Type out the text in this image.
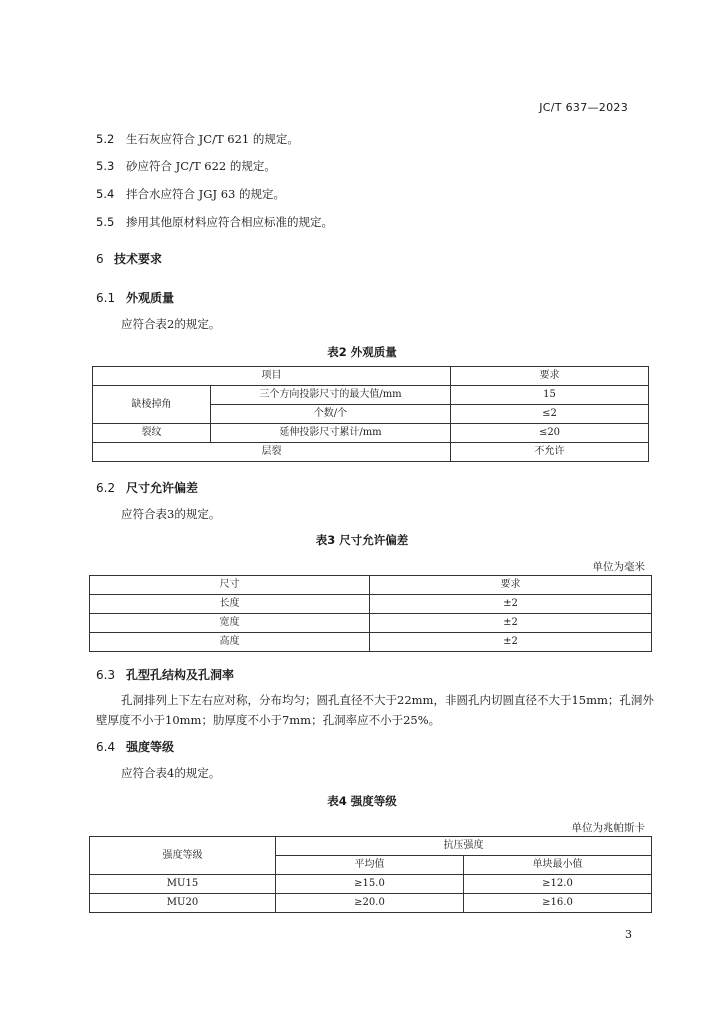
JC/T 637—2023
5.2 生石灰应符合 JC/T 621 的规定。
5.3 砂应符合 JC/T 622 的规定。
5.4 拌合水应符合 JGJ 63 的规定。
5.5 掺用其他原材料应符合相应标准的规定。
6 技术要求
6.1 外观质量
应符合表2的规定。
表2 外观质量
项目		要求
缺棱掉角	三个方向投影尺寸的最大值/mm	15
	个数/个	≤2
裂纹	延伸投影尺寸累计/mm	≤20
层裂		不允许
6.2 尺寸允许偏差
应符合表3的规定。
表3 尺寸允许偏差
单位为毫米
尺寸	要求
长度	±2
宽度	±2
高度	±2
6.3 孔型孔结构及孔洞率
孔洞排列上下左右应对称，分布均匀；圆孔直径不大于22mm，非圆孔内切圆直径不大于15mm；孔洞外壁厚度不小于10mm；肋厚度不小于7mm；孔洞率应不小于25%。
6.4 强度等级
应符合表4的规定。
表4 强度等级
单位为兆帕斯卡
强度等级	抗压强度	
	平均值	单块最小值
MU15	≥15.0	≥12.0
MU20	≥20.0	≥16.0
3
